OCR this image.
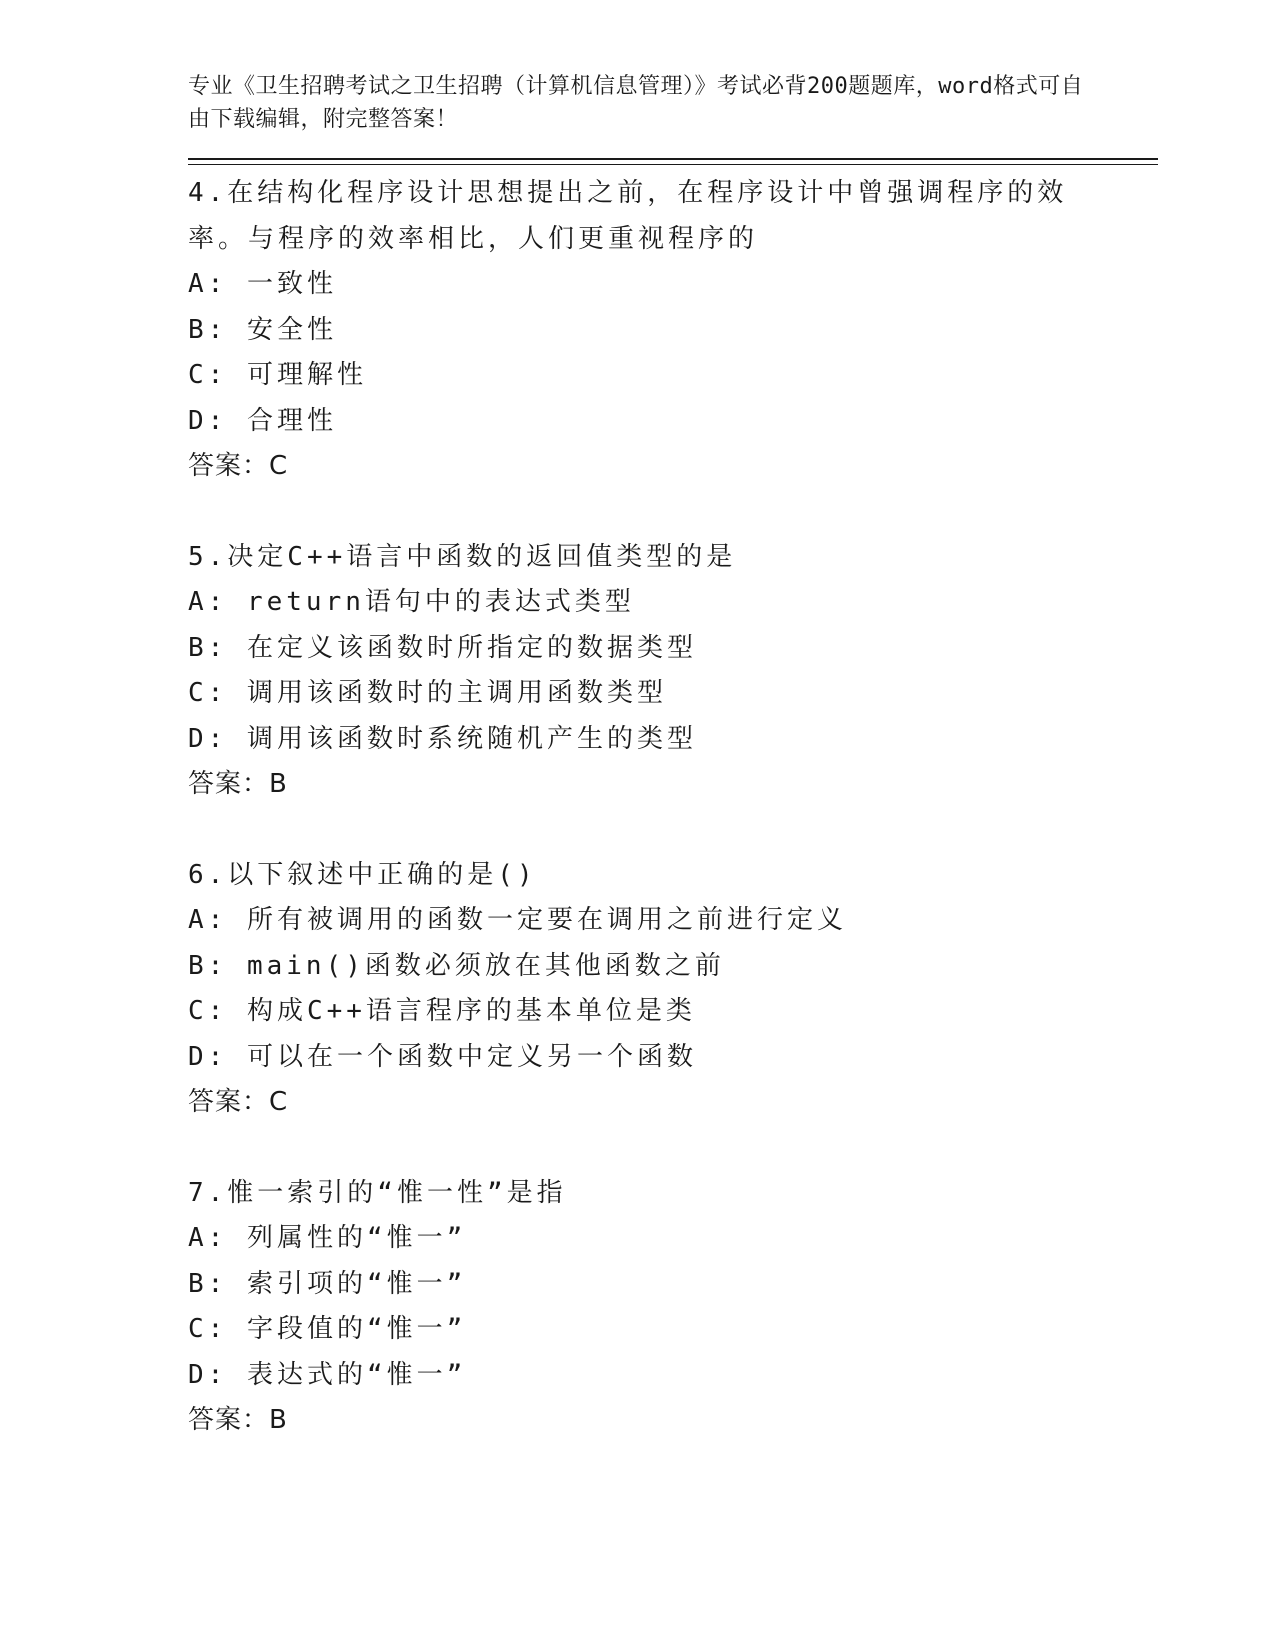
专业《卫生招聘考试之卫生招聘（计算机信息管理）》考试必背200题题库，word格式可自由下载编辑，附完整答案！
4.在结构化程序设计思想提出之前，在程序设计中曾强调程序的效率。与程序的效率相比，人们更重视程序的
A: 一致性
B: 安全性
C: 可理解性
D: 合理性
答案：C
5.决定C++语言中函数的返回值类型的是
A: return语句中的表达式类型
B: 在定义该函数时所指定的数据类型
C: 调用该函数时的主调用函数类型
D: 调用该函数时系统随机产生的类型
答案：B
6.以下叙述中正确的是()
A: 所有被调用的函数一定要在调用之前进行定义
B: main()函数必须放在其他函数之前
C: 构成C++语言程序的基本单位是类
D: 可以在一个函数中定义另一个函数
答案：C
7.惟一索引的“惟一性”是指
A: 列属性的“惟一”
B: 索引项的“惟一”
C: 字段值的“惟一”
D: 表达式的“惟一”
答案：B
